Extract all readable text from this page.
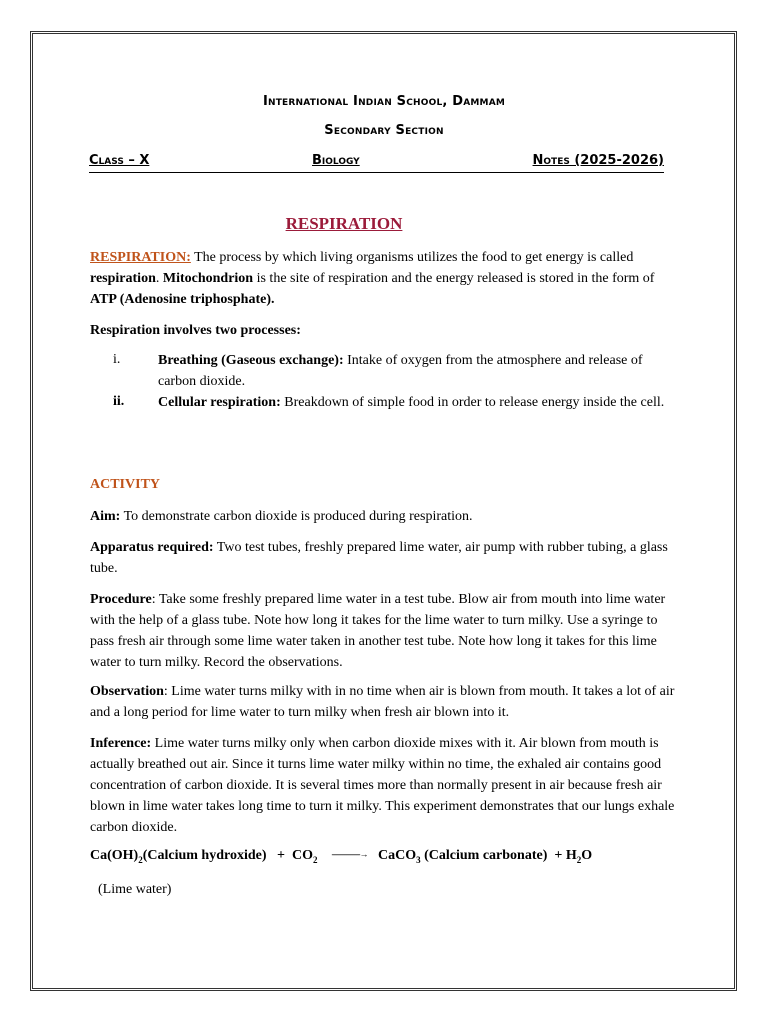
International Indian School, Dammam
Secondary Section
Class – X	Biology	Notes (2025-2026)
RESPIRATION

RESPIRATION: The process by which living organisms utilizes the food to get energy is called respiration. Mitochondrion is the site of respiration and the energy released is stored in the form of ATP (Adenosine triphosphate).

Respiration involves two processes:

i.	Breathing (Gaseous exchange): Intake of oxygen from the atmosphere and release of carbon dioxide.
ii. Cellular respiration: Breakdown of simple food in order to release energy inside the cell.

ACTIVITY

Aim: To demonstrate carbon dioxide is produced during respiration.

Apparatus required: Two test tubes, freshly prepared lime water, air pump with rubber tubing, a glass tube.

Procedure: Take some freshly prepared lime water in a test tube. Blow air from mouth into lime water with the help of a glass tube. Note how long it takes for the lime water to turn milky. Use a syringe to pass fresh air through some lime water taken in another test tube. Note how long it takes for this lime water to turn milky. Record the observations.

Observation: Lime water turns milky with in no time when air is blown from mouth. It takes a lot of air and a long period for lime water to turn milky when fresh air blown into it.

Inference: Lime water turns milky only when carbon dioxide mixes with it. Air blown from mouth is actually breathed out air. Since it turns lime water milky within no time, the exhaled air contains good concentration of carbon dioxide. It is several times more than normally present in air because fresh air blown in lime water takes long time to turn it milky. This experiment demonstrates that our lungs exhale carbon dioxide.

$Ca(OH)_2(Calcium$ hydroxide) + $CO_2$    --------------→ CaCO$_3$ (Calcium carbonate) + $H_2O$

(Lime water)
